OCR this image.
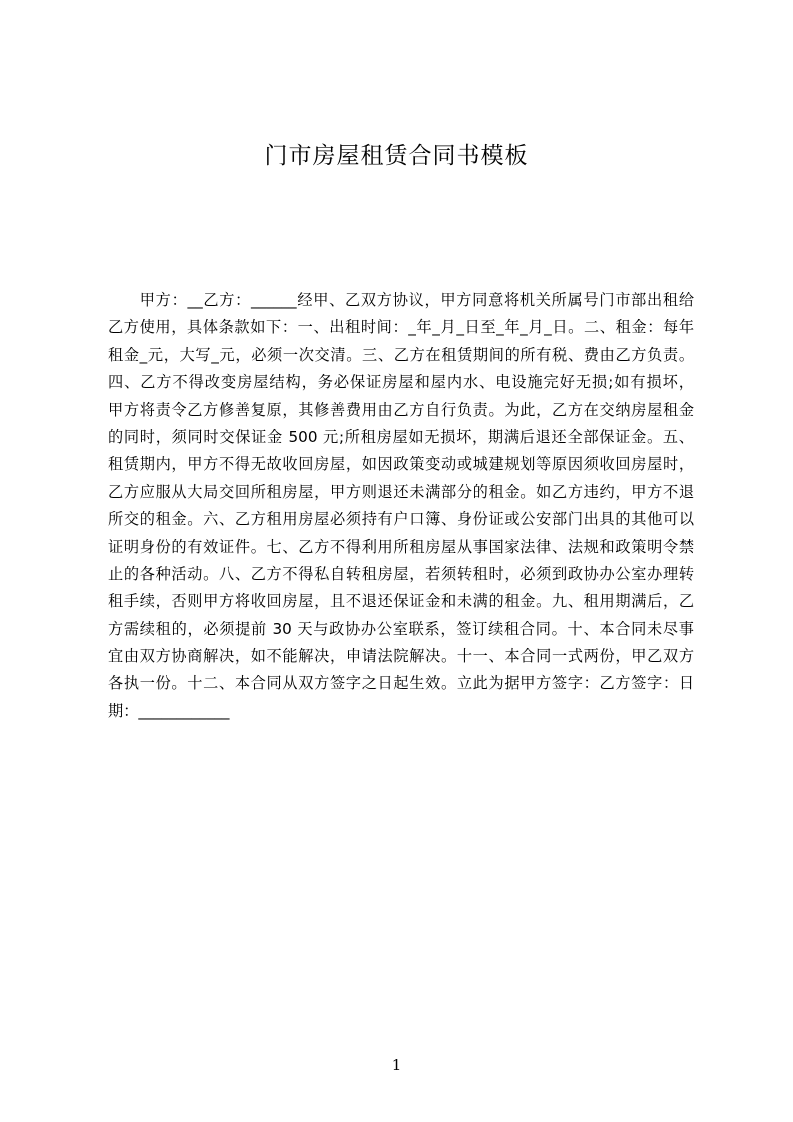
门市房屋租赁合同书模板
　　甲方：__乙方：______经甲、乙双方协议，甲方同意将机关所属号门市部出租给
乙方使用，具体条款如下：一、出租时间：_年_月_日至_年_月_日。二、租金：每年
租金_元，大写_元，必须一次交清。三、乙方在租赁期间的所有税、费由乙方负责。
四、乙方不得改变房屋结构，务必保证房屋和屋内水、电设施完好无损;如有损坏，
甲方将责令乙方修善复原，其修善费用由乙方自行负责。为此，乙方在交纳房屋租金
的同时，须同时交保证金 500 元;所租房屋如无损坏，期满后退还全部保证金。五、
租赁期内，甲方不得无故收回房屋，如因政策变动或城建规划等原因须收回房屋时，
乙方应服从大局交回所租房屋，甲方则退还未满部分的租金。如乙方违约，甲方不退
所交的租金。六、乙方租用房屋必须持有户口簿、身份证或公安部门出具的其他可以
证明身份的有效证件。七、乙方不得利用所租房屋从事国家法律、法规和政策明令禁
止的各种活动。八、乙方不得私自转租房屋，若须转租时，必须到政协办公室办理转
租手续，否则甲方将收回房屋，且不退还保证金和未满的租金。九、租用期满后，乙
方需续租的，必须提前 30 天与政协办公室联系，签订续租合同。十、本合同未尽事
宜由双方协商解决，如不能解决，申请法院解决。十一、本合同一式两份，甲乙双方
各执一份。十二、本合同从双方签字之日起生效。立此为据甲方签字：乙方签字：日
期：____________
1
